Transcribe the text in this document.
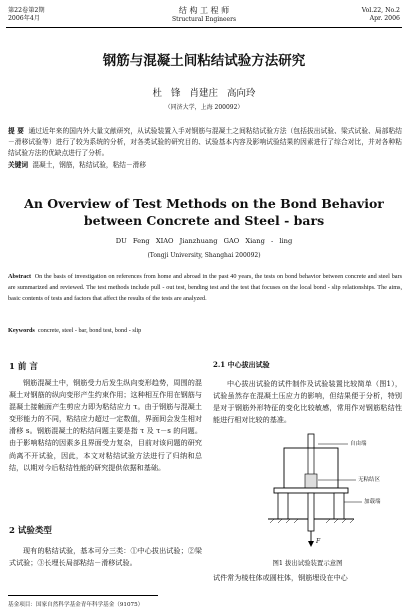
第22卷第2期
2006年4月
结 构 工 程 师
Structural Engineers
Vol.22, No.2
Apr. 2006
钢筋与混凝土间粘结试验方法研究
杜 锋 肖建庄 高向玲
（同济大学，上海 200092）
提 要 通过近年来的国内外大量文献研究，从试验装置入手对钢筋与混凝土之间粘结试验方法（包括拔出试验、梁式试验、局部粘结－滑移试验等）进行了较为系统的分析，对各类试验的研究目的、试验基本内容及影响试验结果的因素进行了综合对比，并对各种粘结试验方法的优缺点进行了分析。
关键词 混凝土，钢筋，粘结试验，粘结－滑移
An Overview of Test Methods on the Bond Behavior
between Concrete and Steel - bars
DU Feng XIAO Jianzhuang GAO Xiang - ling
(Tongji University, Shanghai 200092)
Abstract On the basis of investigation on references from home and abroad in the past 40 years, the tests on bond behavior between concrete and steel bars are summarized and reviewed. The test methods include pull - out test, bending test and the test that focuses on the local bond - slip relationships. The aims, basic contents of tests and factors that affect the results of the tests are analyzed.
Keywords concrete, steel - bar, bond test, bond - slip
1 前 言
钢筋混凝土中，钢筋受力后发生纵向变形趋势，周围的混凝土对钢筋的纵向变形产生约束作用；这种相互作用在钢筋与混凝土接触面产生剪应力即为粘结应力 τ。由于钢筋与混凝土变形能力的不同，粘结应力超过一定数值，界面间会发生相对滑移 s。钢筋混凝土的粘结问题主要是指 τ 及 τ－s 的问题。由于影响粘结的因素多且界面受力复杂，目前对该问题的研究尚离不开试验，因此，本文对粘结试验方法进行了归纳和总结，以期对今后粘结性能的研究提供依据和基础。
2 试验类型
现有的粘结试验，基本可分三类：①中心拔出试验；②梁式试验；③长埋长局部粘结－滑移试验。
2.1 中心拔出试验
中心拔出试验的试件制作及试验装置比较简单（图1），试验虽然存在混凝土压应力的影响，但结果便于分析，特别是对于钢筋外形特征的变化比较敏感，常用作对钢筋粘结性能进行相对比较的基准。
自由端
无粘结区
加载端
F
图1 拔出试验装置示意图
试件常为棱柱体或圆柱体，钢筋埋设在中心
基金项目：国家自然科学基金青年科学基金（91075）
